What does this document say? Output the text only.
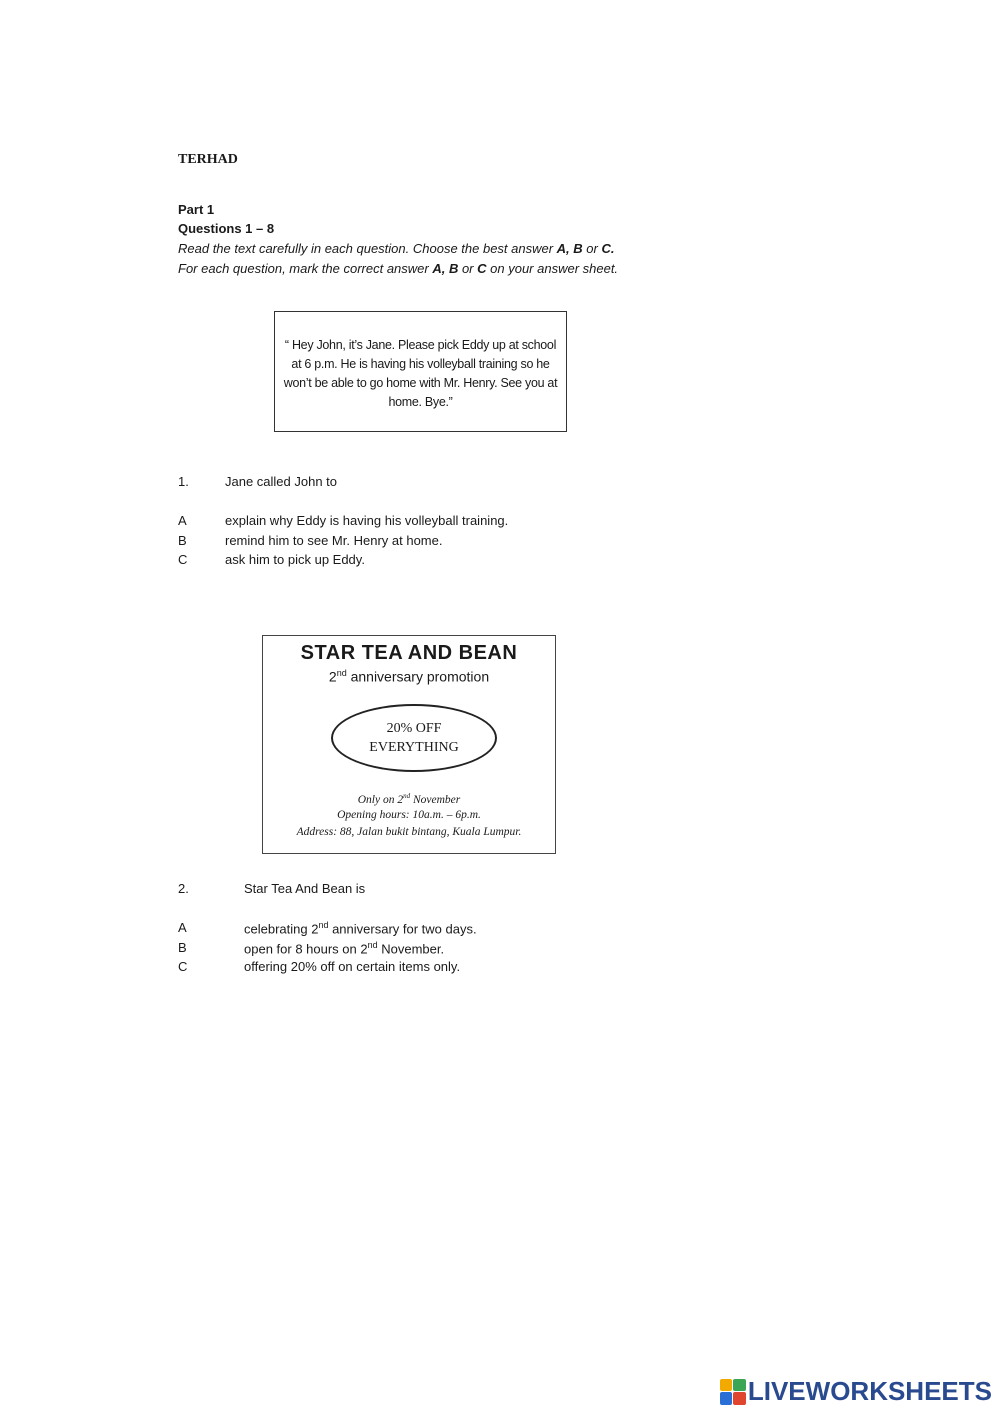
TERHAD
Part 1
Questions 1 – 8
Read the text carefully in each question. Choose the best answer A, B or C.
For each question, mark the correct answer A, B or C on your answer sheet.
“ Hey John, it’s Jane. Please pick Eddy up at school
at 6 p.m. He is having his volleyball training so he
won’t be able to go home with Mr. Henry. See you at
home. Bye.”
1.	Jane called John to
A	explain why Eddy is having his volleyball training.
B	remind him to see Mr. Henry at home.
C	ask him to pick up Eddy.
STAR TEA AND BEAN
2nd anniversary promotion
20% OFF
EVERYTHING
Only on 2nd November
Opening hours: 10a.m. – 6p.m.
Address: 88, Jalan bukit bintang, Kuala Lumpur.
2.	Star Tea And Bean is
A	celebrating 2nd anniversary for two days.
B	open for 8 hours on 2nd November.
C	offering 20% off on certain items only.
LIVEWORKSHEETS
